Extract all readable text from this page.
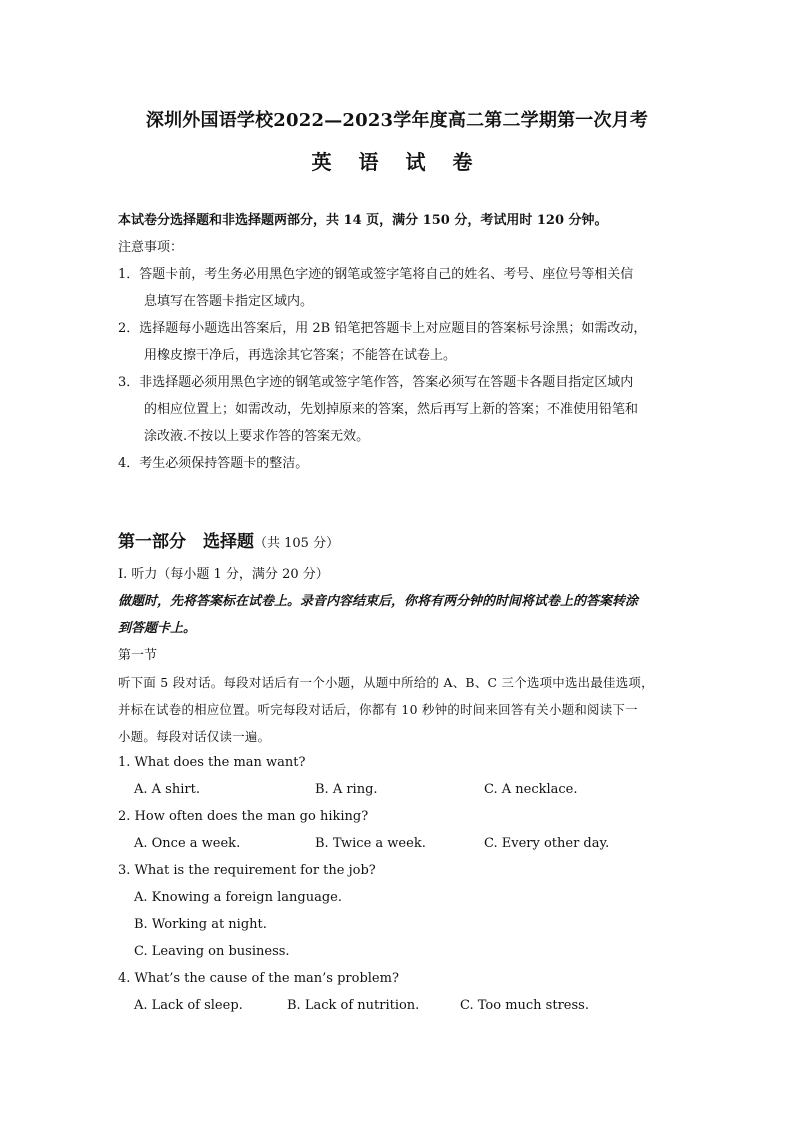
深圳外国语学校2022—2023学年度高二第二学期第一次月考
英 语 试 卷
本试卷分选择题和非选择题两部分，共 14 页，满分 150 分，考试用时 120 分钟。
注意事项：
1．答题卡前，考生务必用黑色字迹的钢笔或签字笔将自己的姓名、考号、座位号等相关信
息填写在答题卡指定区域内。
2．选择题每小题选出答案后，用 2B 铅笔把答题卡上对应题目的答案标号涂黑；如需改动，
用橡皮擦干净后，再选涂其它答案；不能答在试卷上。
3．非选择题必须用黑色字迹的钢笔或签字笔作答，答案必须写在答题卡各题目指定区域内
的相应位置上；如需改动，先划掉原来的答案，然后再写上新的答案；不准使用铅笔和
涂改液.不按以上要求作答的答案无效。
4．考生必须保持答题卡的整洁。
第一部分　选择题（共 105 分）
I. 听力（每小题 1 分，满分 20 分）
做题时，先将答案标在试卷上。录音内容结束后，你将有两分钟的时间将试卷上的答案转涂
到答题卡上。
第一节
听下面 5 段对话。每段对话后有一个小题，从题中所给的 A、B、C 三个选项中选出最佳选项，
并标在试卷的相应位置。听完每段对话后，你都有 10 秒钟的时间来回答有关小题和阅读下一
小题。每段对话仅读一遍。
1. What does the man want?
A. A shirt.	B. A ring.	C. A necklace.
2. How often does the man go hiking?
A. Once a week.	B. Twice a week.	C. Every other day.
3. What is the requirement for the job?
A. Knowing a foreign language.
B. Working at night.
C. Leaving on business.
4. What’s the cause of the man’s problem?
A. Lack of sleep.	B. Lack of nutrition.	C. Too much stress.
